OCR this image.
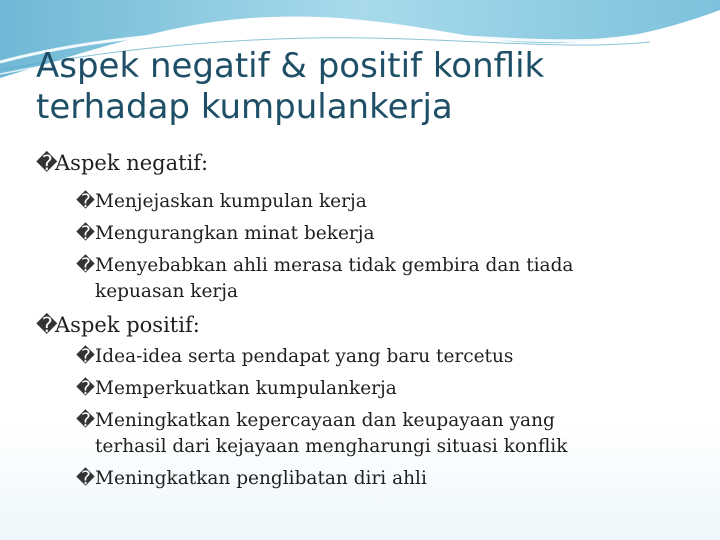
Aspek negatif & positif konflik
terhadap kumpulankerja
�Aspek negatif:
�Menjejaskan kumpulan kerja
�Mengurangkan minat bekerja
�Menyebabkan ahli merasa tidak gembira dan tiada
kepuasan kerja
�Aspek positif:
�Idea-idea serta pendapat yang baru tercetus
�Memperkuatkan kumpulankerja
�Meningkatkan kepercayaan dan keupayaan yang
terhasil dari kejayaan mengharungi situasi konflik
�Meningkatkan penglibatan diri ahli
